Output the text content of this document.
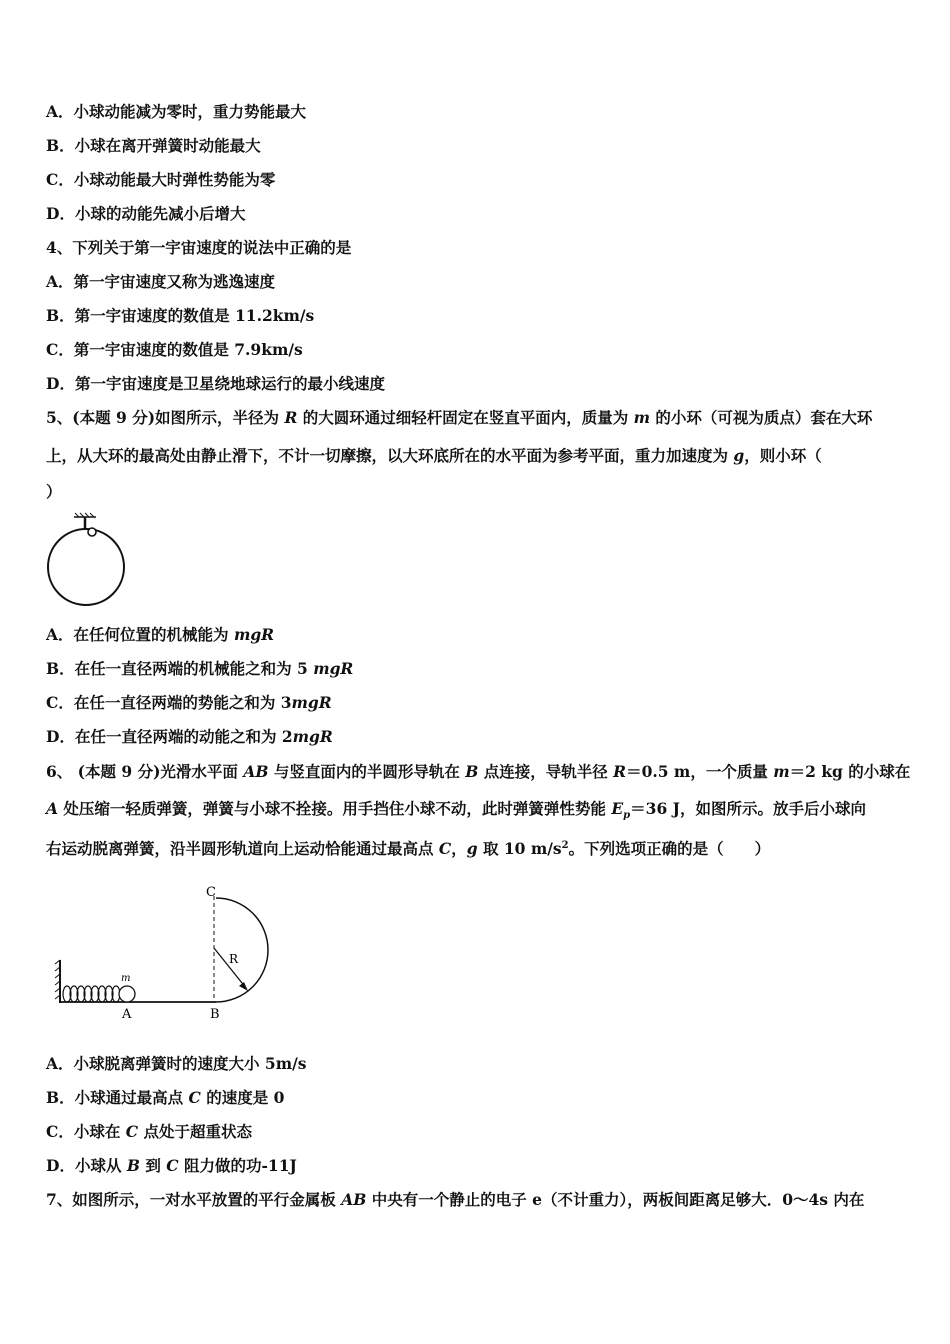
A．小球动能减为零时，重力势能最大
B．小球在离开弹簧时动能最大
C．小球动能最大时弹性势能为零
D．小球的动能先减小后增大
4、下列关于第一宇宙速度的说法中正确的是
A．第一宇宙速度又称为逃逸速度
B．第一宇宙速度的数值是 11.2km/s
C．第一宇宙速度的数值是 7.9km/s
D．第一宇宙速度是卫星绕地球运行的最小线速度
5、(本题 9 分)如图所示，半径为 R 的大圆环通过细轻杆固定在竖直平面内，质量为 m 的小环（可视为质点）套在大环
上，从大环的最高处由静止滑下，不计一切摩擦，以大环底所在的水平面为参考平面，重力加速度为 g，则小环（
）
A．在任何位置的机械能为 mgR
B．在任一直径两端的机械能之和为 5 mgR
C．在任一直径两端的势能之和为 3mgR
D．在任一直径两端的动能之和为 2mgR
6、 (本题 9 分)光滑水平面 AB 与竖直面内的半圆形导轨在 B 点连接，导轨半径 R＝0.5 m，一个质量 m＝2 kg 的小球在
A 处压缩一轻质弹簧，弹簧与小球不拴接。用手挡住小球不动，此时弹簧弹性势能 $E_p=36$ J，如图所示。放手后小球向
右运动脱离弹簧，沿半圆形轨道向上运动恰能通过最高点 C，g 取 10 $m/s^2$。下列选项正确的是（　　）
m
R
C
A	B
A．小球脱离弹簧时的速度大小 5m/s
B．小球通过最高点 C 的速度是 0
C．小球在 C 点处于超重状态
D．小球从 B 到 C 阻力做的功-11J
7、如图所示，一对水平放置的平行金属板 AB 中央有一个静止的电子 e（不计重力），两板间距离足够大．0～4s 内在
